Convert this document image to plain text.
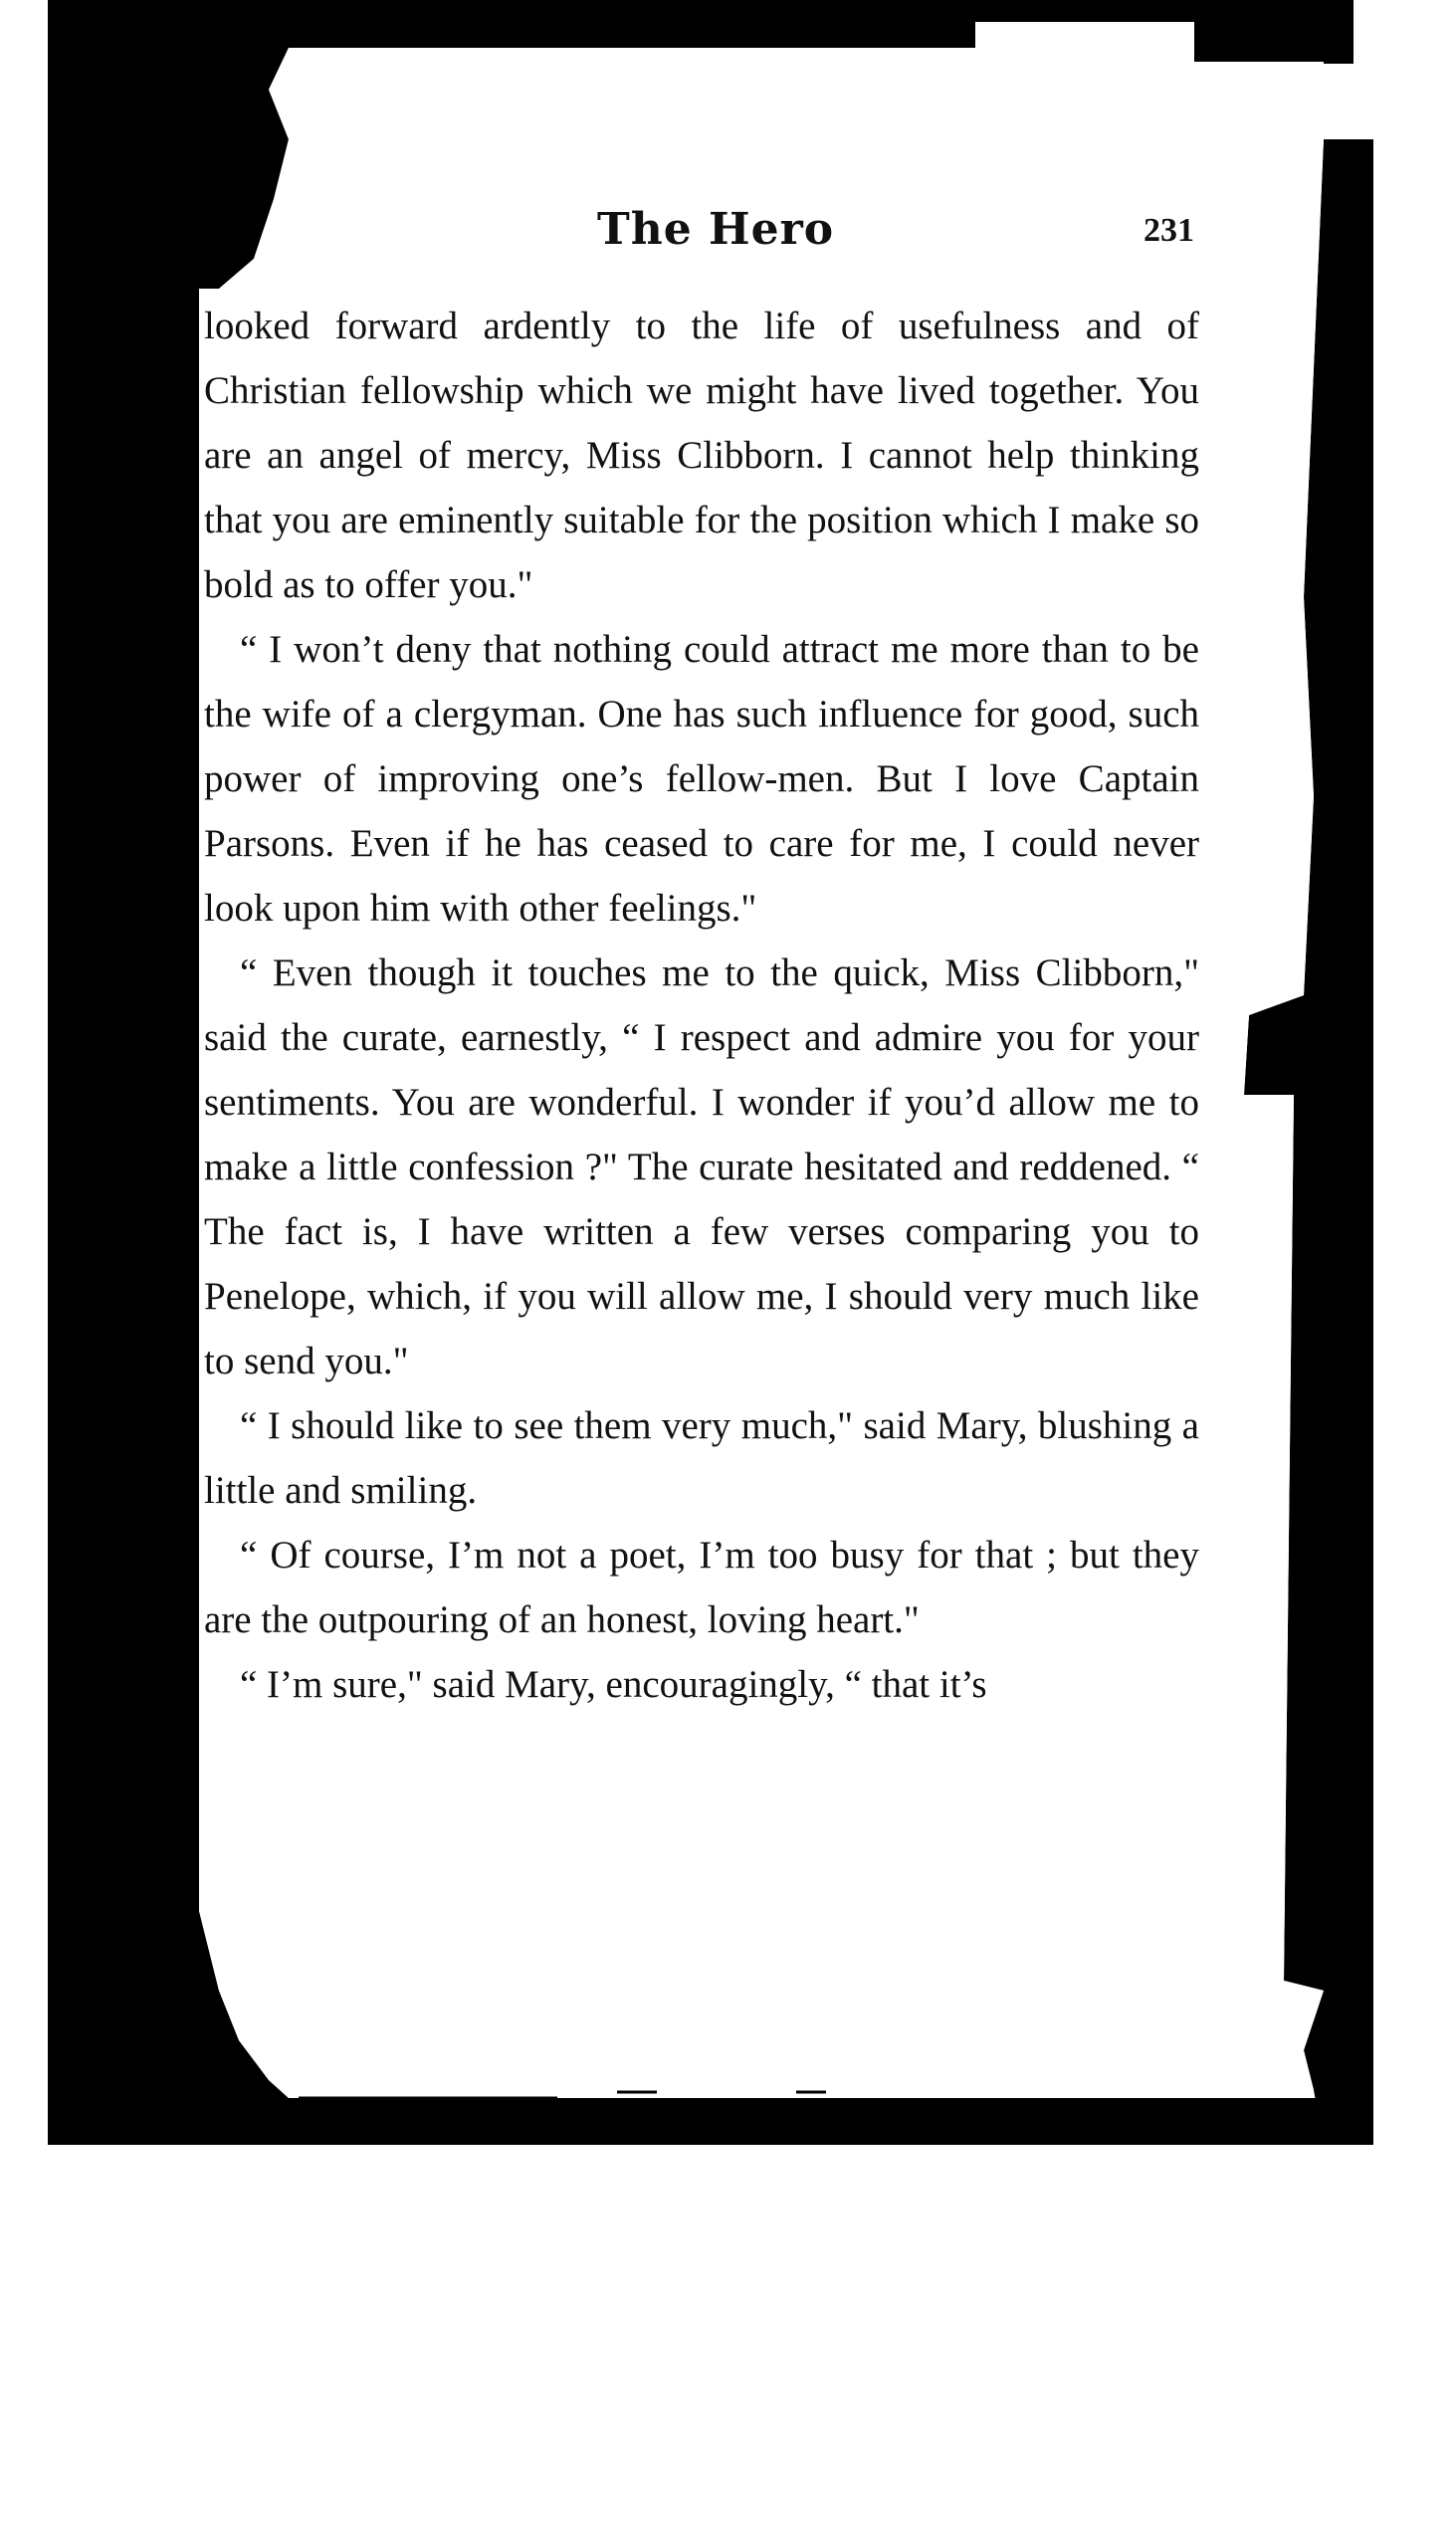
The Hero	231

looked forward ardently to the life of usefulness and of Christian fellowship which we might have lived together. You are an angel of mercy, Miss Clibborn. I cannot help thinking that you are eminently suitable for the position which I make so bold as to offer you."

“ I won’t deny that nothing could attract me more than to be the wife of a clergyman. One has such influence for good, such power of improving one’s fellow-men. But I love Captain Parsons. Even if he has ceased to care for me, I could never look upon him with other feelings."

“ Even though it touches me to the quick, Miss Clibborn," said the curate, earnestly, “ I respect and admire you for your sentiments. You are wonderful. I wonder if you’d allow me to make a little confession ?" The curate hesitated and reddened. “ The fact is, I have written a few verses comparing you to Penelope, which, if you will allow me, I should very much like to send you."

“ I should like to see them very much," said Mary, blushing a little and smiling.

“ Of course, I’m not a poet, I’m too busy for that ; but they are the outpouring of an honest, loving heart."

“ I’m sure," said Mary, encouragingly, “ that it’s
